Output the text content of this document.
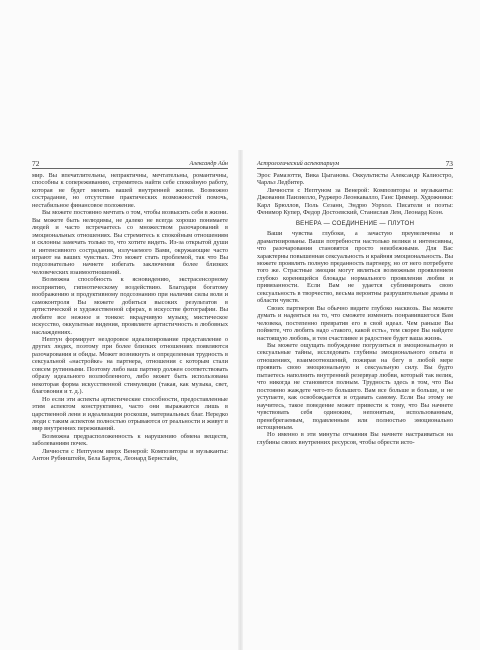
72	Александр Айн

мир. Вы впечатлительны, непрактичны, мечтательны, романтичны, способны к сопереживанию, стремитесь найти себе спокойную работу, которая не будет менять вашей внутренней жизни. Возможно сострадание, но отсутствие практических возможностей помочь, нестабильное финансовое положение.

Вы можете постоянно мечтать о том, чтобы возвысить себя в жизни. Вы можете быть нелюдимы, не далеко не всегда хорошо понимаете людей и часто встречаетесь со множеством разочарований в эмоциональных отношениях. Вы стремитесь к спокойным отношениям и склонны замечать только то, что хотите видеть. Из-за открытой души и интенсивного сострадания, излучаемого Вами, окружающие часто играют на ваших чувствах. Это может стать проблемой, так что Вы подсознательно начнете избегать заключения более близких человеческих взаимоотношений.

Возможна способность к ясновидению, экстрасенсорному восприятию, гипнотическому воздействию. Благодаря богатому воображению и продуктивному подсознанию при наличии силы воли и самоконтроля Вы можете добиться высоких результатов в артистической и художественной сферах, в искусстве фотографии. Вы любите все нежное и тонкое: вкрадчивую музыку, мистическое искусство, оккультные видения, проявляете артистичность в любовных наслаждениях.

Нептун формирует нездоровое идеализирование представление о других людях, поэтому при более близких отношениях появляются разочарования и обиды. Может возникнуть и определенная трудность в сексуальной «настройке» на партнера, отношения с которым стали совсем рутинными. Поэтому либо ваш партнер должен соответствовать образу идеального возлюбленного, либо может быть использована некоторая форма искусственной стимуляции (такая, как музыка, свет, благовония и т. д.).

Но если эти аспекты артистические способности, предоставленные этим аспектом конструктивно, часто они выражаются лишь в царственной лени и идеализации роскоши, материальных благ. Нередко люди с таким аспектом полностью отрываются от реальности и живут в мир внутренних переживаний.

Возможна предрасположенность к нарушению обмена веществ, заболеваниям почек.

Личности с Нептуном вверх Венерой: Композиторы и музыканты: Антон Рубинштейн, Бела Барток, Леонард Бернстайн,

Астрологический аспектариум	73

Эрос Рамазотти, Вика Цыганова. Оккультисты Александр Калиостро, Чарльз Ледбитер.

Личности с Нептуном за Венерой: Композиторы и музыканты: Джованни Паизиелло, Руджеро Леонкавалло, Ганс Циммер. Художники: Карл Брюллов, Поль Сезанн, Эндрю Уорхол. Писатели и поэты: Фенимор Купер, Федор Достоевский, Станислав Лем, Леонард Коэн.

ВЕНЕРА — СОЕДИНЕНИЕ — ПЛУТОН

Ваши чувства глубоки, а зачастую преувеличены и драматизированы. Ваши потребности настолько велики и интенсивны, что разочарования становятся просто неизбежными. Для Вас характерны повышенная сексуальность и крайняя эмоциональность. Вы можете проявлять полную преданность партнеру, но от него потребуете того же. Страстные эмоции могут являться возможным проявлением глубоко коренящейся блокады нормального проявления любви и привязанности. Если Вам не удается сублимировать свою сексуальность в творчество, весьма вероятны разрушительные драмы в области чувств.

Своих партнеров Вы обычно видите глубоко насквозь. Вы можете думать и надеяться на то, что сможете изменить понравившегося Вам человека, постепенно превратив его в свой идеал. Чем раньше Вы поймете, что любить надо «такого, какой есть», тем скорее Вы найдете настоящую любовь, и тем счастливее и радостнее будет ваша жизнь.

Вы можете ощущать побуждение погрузиться в эмоциональную и сексуальные тайны, исследовать глубины эмоционального опыта в отношениях, взаимоотношений, пожирая на бегу в любой мере проявить свою эмоциональную и сексуальную силу. Вы будто пытаетесь наполнить внутренний резервуар любви, который так велик, что никогда не становится полным. Трудность здесь в том, что Вы постоянно жаждете чего-то большего. Вам все больше и больше, и не уступаете, как освобождается и отдавать самому. Если Вы этому не научитесь, такое поведение может привести к тому, что Вы начнете чувствовать себя одиноким, непонятым, использованным, пренебрегаемым, подавленным или полностью эмоционально истощенным.

Но именно в эти минуты отчаяния Вы начнете настраиваться на глубины своих внутренних ресурсов, чтобы обрести исто-
